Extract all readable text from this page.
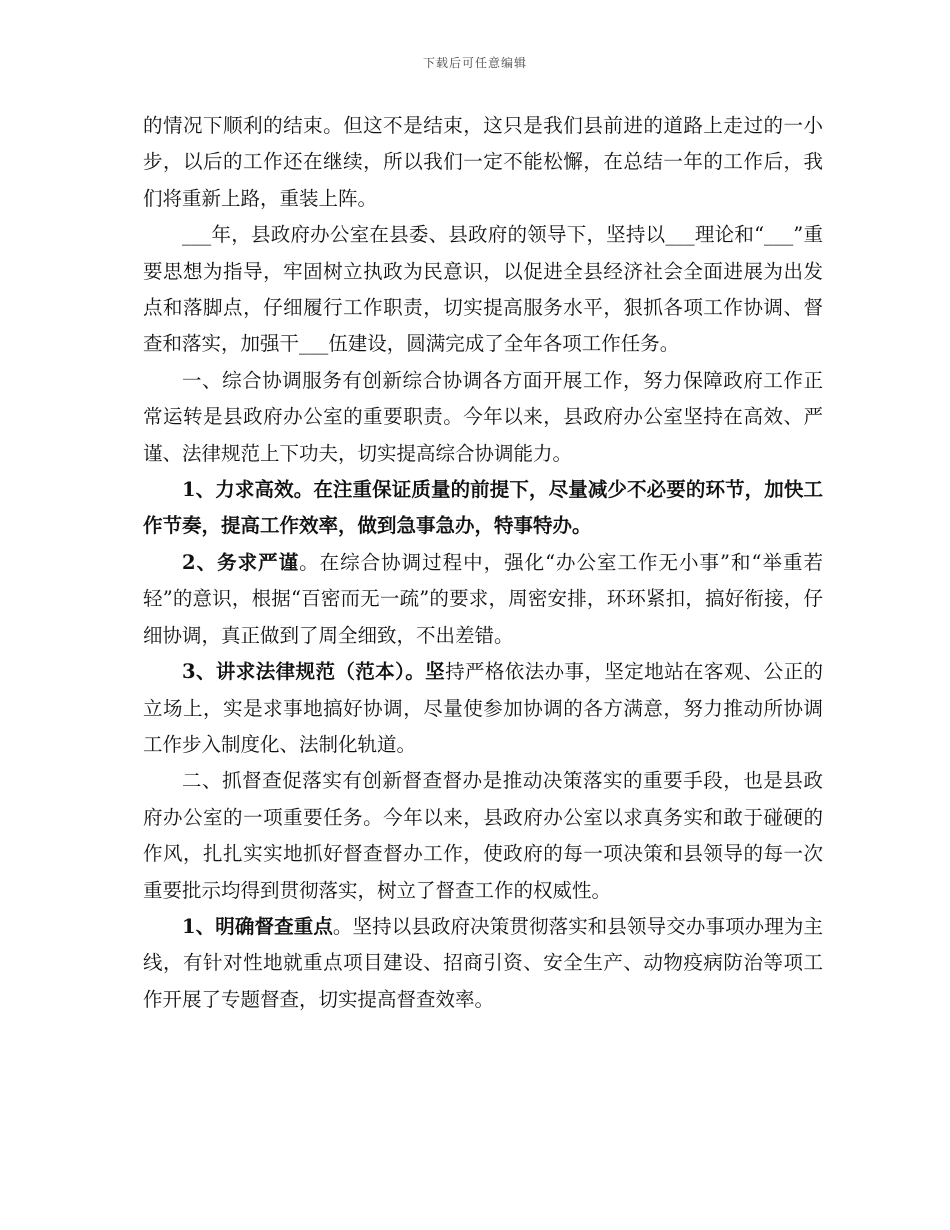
下载后可任意编辑

的情况下顺利的结束。但这不是结束，这只是我们县前进的道路上走过的一小步，以后的工作还在继续，所以我们一定不能松懈，在总结一年的工作后，我们将重新上路，重装上阵。

___年，县政府办公室在县委、县政府的领导下，坚持以___理论和“___”重要思想为指导，牢固树立执政为民意识，以促进全县经济社会全面进展为出发点和落脚点，仔细履行工作职责，切实提高服务水平，狠抓各项工作协调、督查和落实，加强干___伍建设，圆满完成了全年各项工作任务。

一、综合协调服务有创新综合协调各方面开展工作，努力保障政府工作正常运转是县政府办公室的重要职责。今年以来，县政府办公室坚持在高效、严谨、法律规范上下功夫，切实提高综合协调能力。

1、力求高效。在注重保证质量的前提下，尽量减少不必要的环节，加快工作节奏，提高工作效率，做到急事急办，特事特办。

2、务求严谨。在综合协调过程中，强化“办公室工作无小事”和“举重若轻”的意识，根据“百密而无一疏”的要求，周密安排，环环紧扣，搞好衔接，仔细协调，真正做到了周全细致，不出差错。

3、讲求法律规范（范本）。坚持严格依法办事，坚定地站在客观、公正的立场上，实是求事地搞好协调，尽量使参加协调的各方满意，努力推动所协调工作步入制度化、法制化轨道。

二、抓督查促落实有创新督查督办是推动决策落实的重要手段，也是县政府办公室的一项重要任务。今年以来，县政府办公室以求真务实和敢于碰硬的作风，扎扎实实地抓好督查督办工作，使政府的每一项决策和县领导的每一次重要批示均得到贯彻落实，树立了督查工作的权威性。

1、明确督查重点。坚持以县政府决策贯彻落实和县领导交办事项办理为主线，有针对性地就重点项目建设、招商引资、安全生产、动物疫病防治等项工作开展了专题督查，切实提高督查效率。
